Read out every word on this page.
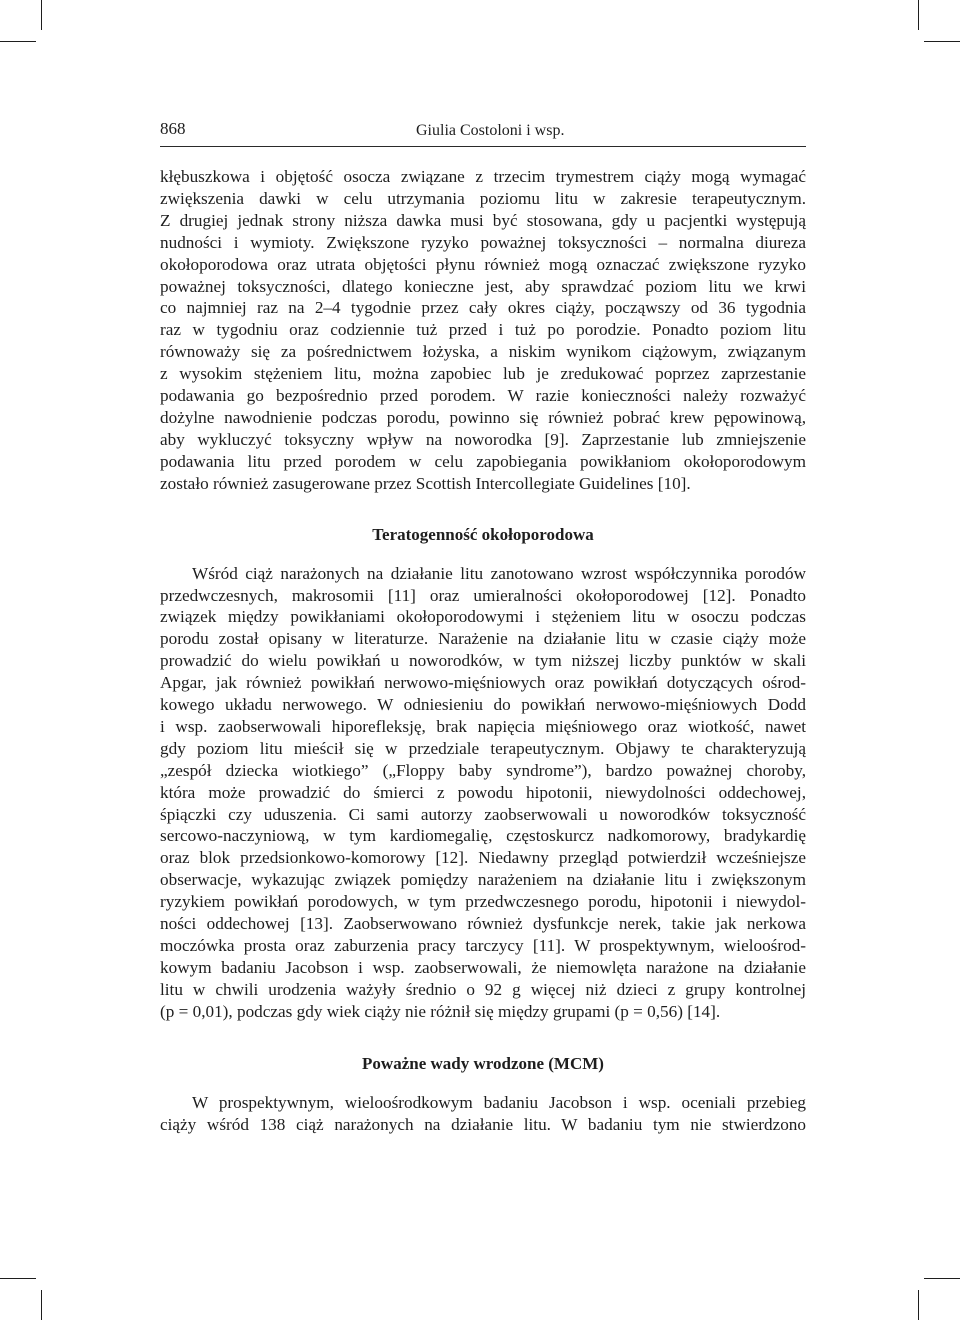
868	Giulia Costoloni i wsp.

kłębuszkowa i objętość osocza związane z trzecim trymestrem ciąży mogą wymagać
zwiększenia dawki w celu utrzymania poziomu litu w zakresie terapeutycznym.
Z drugiej jednak strony niższa dawka musi być stosowana, gdy u pacjentki występują
nudności i wymioty. Zwiększone ryzyko poważnej toksyczności – normalna diureza
okołoporodowa oraz utrata objętości płynu również mogą oznaczać zwiększone ryzyko
poważnej toksyczności, dlatego konieczne jest, aby sprawdzać poziom litu we krwi
co najmniej raz na 2–4 tygodnie przez cały okres ciąży, począwszy od 36 tygodnia
raz w tygodniu oraz codziennie tuż przed i tuż po porodzie. Ponadto poziom litu
równoważy się za pośrednictwem łożyska, a niskim wynikom ciążowym, związanym
z wysokim stężeniem litu, można zapobiec lub je zredukować poprzez zaprzestanie
podawania go bezpośrednio przed porodem. W razie konieczności należy rozważyć
dożylne nawodnienie podczas porodu, powinno się również pobrać krew pępowinową,
aby wykluczyć toksyczny wpływ na noworodka [9]. Zaprzestanie lub zmniejszenie
podawania litu przed porodem w celu zapobiegania powikłaniom okołoporodowym
zostało również zasugerowane przez Scottish Intercollegiate Guidelines [10].

Teratogenność okołoporodowa

Wśród ciąż narażonych na działanie litu zanotowano wzrost współczynnika porodów
przedwczesnych, makrosomii [11] oraz umieralności okołoporodowej [12]. Ponadto
związek między powikłaniami okołoporodowymi i stężeniem litu w osoczu podczas
porodu został opisany w literaturze. Narażenie na działanie litu w czasie ciąży może
prowadzić do wielu powikłań u noworodków, w tym niższej liczby punktów w skali
Apgar, jak również powikłań nerwowo-mięśniowych oraz powikłań dotyczących ośrod-
kowego układu nerwowego. W odniesieniu do powikłań nerwowo-mięśniowych Dodd
i wsp. zaobserwowali hiporefleksję, brak napięcia mięśniowego oraz wiotkość, nawet
gdy poziom litu mieścił się w przedziale terapeutycznym. Objawy te charakteryzują
„zespół dziecka wiotkiego” („Floppy baby syndrome”), bardzo poważnej choroby,
która może prowadzić do śmierci z powodu hipotonii, niewydolności oddechowej,
śpiączki czy uduszenia. Ci sami autorzy zaobserwowali u noworodków toksyczność
sercowo-naczyniową, w tym kardiomegalię, częstoskurcz nadkomorowy, bradykardię
oraz blok przedsionkowo-komorowy [12]. Niedawny przegląd potwierdził wcześniejsze
obserwacje, wykazując związek pomiędzy narażeniem na działanie litu i zwiększonym
ryzykiem powikłań porodowych, w tym przedwczesnego porodu, hipotonii i niewydol-
ności oddechowej [13]. Zaobserwowano również dysfunkcje nerek, takie jak nerkowa
moczówka prosta oraz zaburzenia pracy tarczycy [11]. W prospektywnym, wieloośrod-
kowym badaniu Jacobson i wsp. zaobserwowali, że niemowlęta narażone na działanie
litu w chwili urodzenia ważyły średnio o 92 g więcej niż dzieci z grupy kontrolnej
(p = 0,01), podczas gdy wiek ciąży nie różnił się między grupami (p = 0,56) [14].

Poważne wady wrodzone (MCM)

W prospektywnym, wieloośrodkowym badaniu Jacobson i wsp. oceniali przebieg
ciąży wśród 138 ciąż narażonych na działanie litu. W badaniu tym nie stwierdzono
